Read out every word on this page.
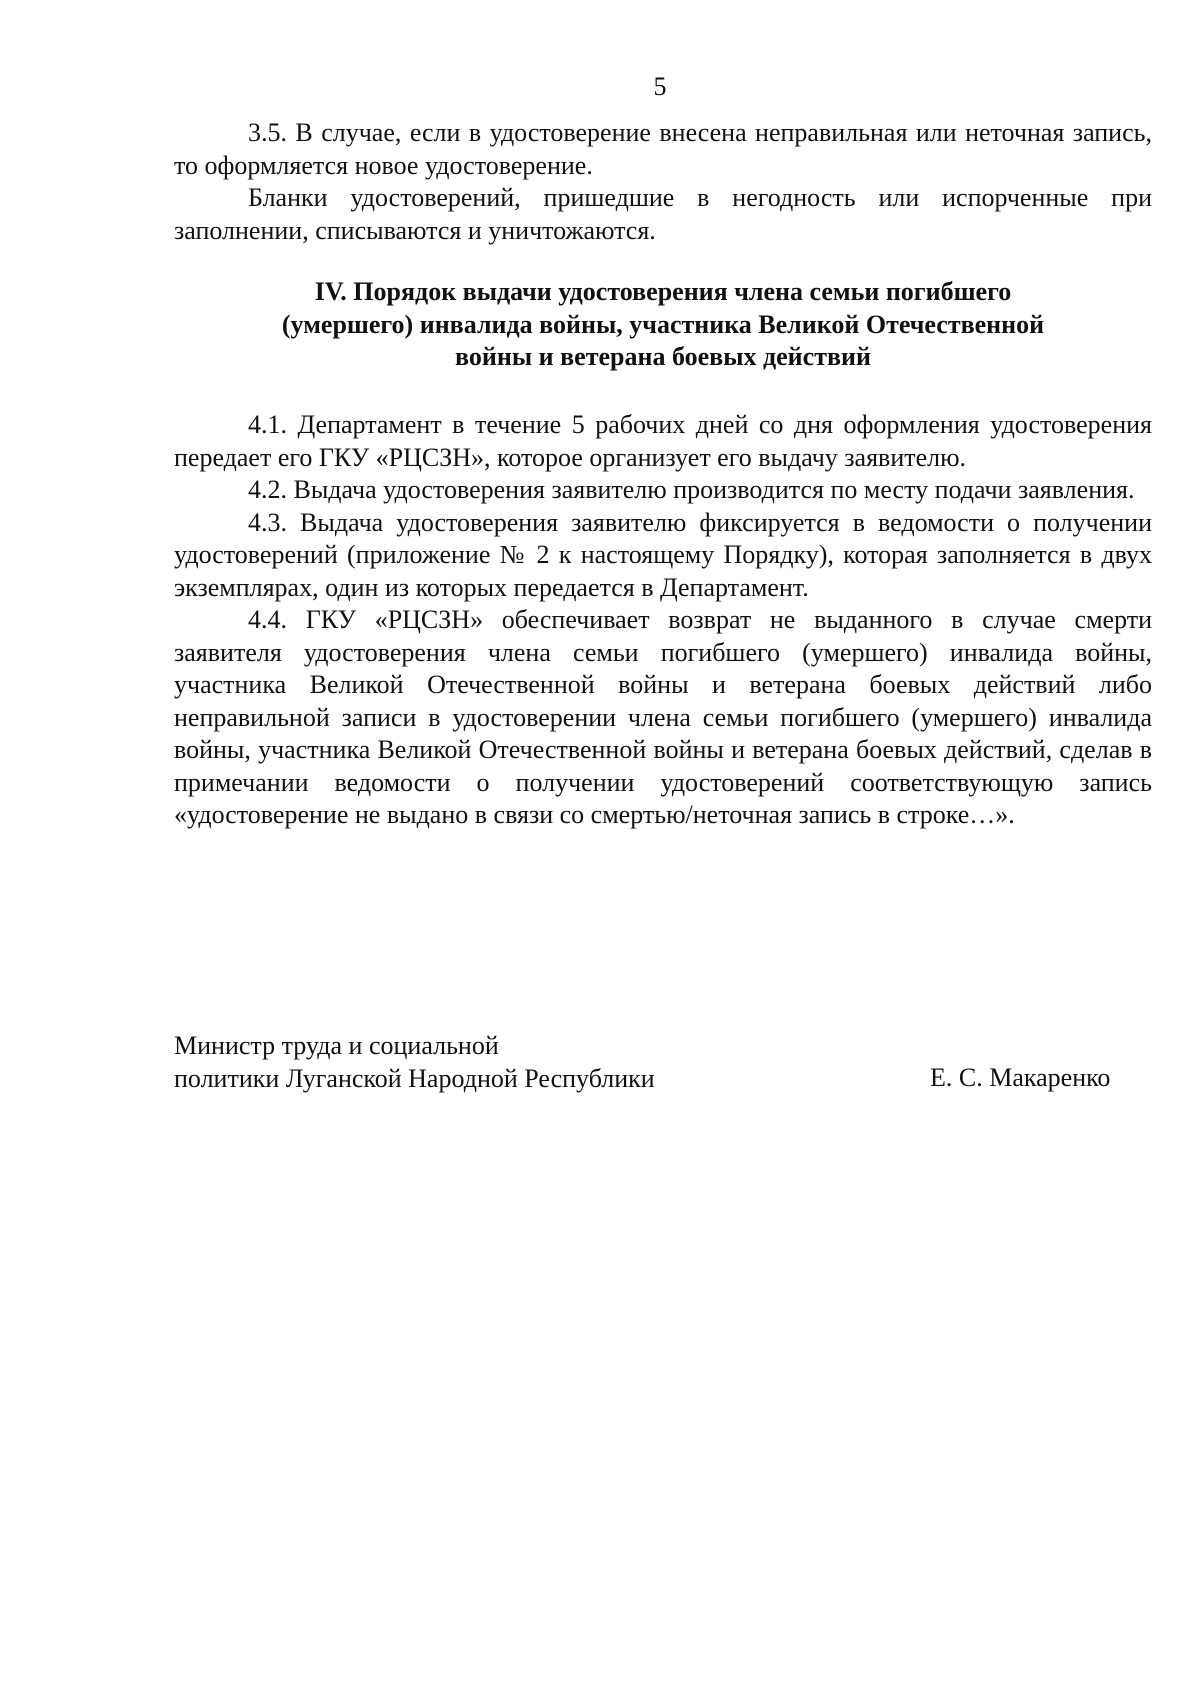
5

3.5. В случае, если в удостоверение внесена неправильная или неточная запись, то оформляется новое удостоверение.

Бланки удостоверений, пришедшие в негодность или испорченные при заполнении, списываются и уничтожаются.

IV. Порядок выдачи удостоверения члена семьи погибшего
(умершего) инвалида войны, участника Великой Отечественной
войны и ветерана боевых действий

4.1. Департамент в течение 5 рабочих дней со дня оформления удостоверения передает его ГКУ «РЦСЗН», которое организует его выдачу заявителю.

4.2. Выдача удостоверения заявителю производится по месту подачи заявления.

4.3. Выдача удостоверения заявителю фиксируется в ведомости о получении удостоверений (приложение № 2 к настоящему Порядку), которая заполняется в двух экземплярах, один из которых передается в Департамент.

4.4. ГКУ «РЦСЗН» обеспечивает возврат не выданного в случае смерти заявителя удостоверения члена семьи погибшего (умершего) инвалида войны, участника Великой Отечественной войны и ветерана боевых действий либо неправильной записи в удостоверении члена семьи погибшего (умершего) инвалида войны, участника Великой Отечественной войны и ветерана боевых действий, сделав в примечании ведомости о получении удостоверений соответствующую запись «удостоверение не выдано в связи со смертью/неточная запись в строке…».

Министр труда и социальной
политики Луганской Народной Республики	Е. С. Макаренко
